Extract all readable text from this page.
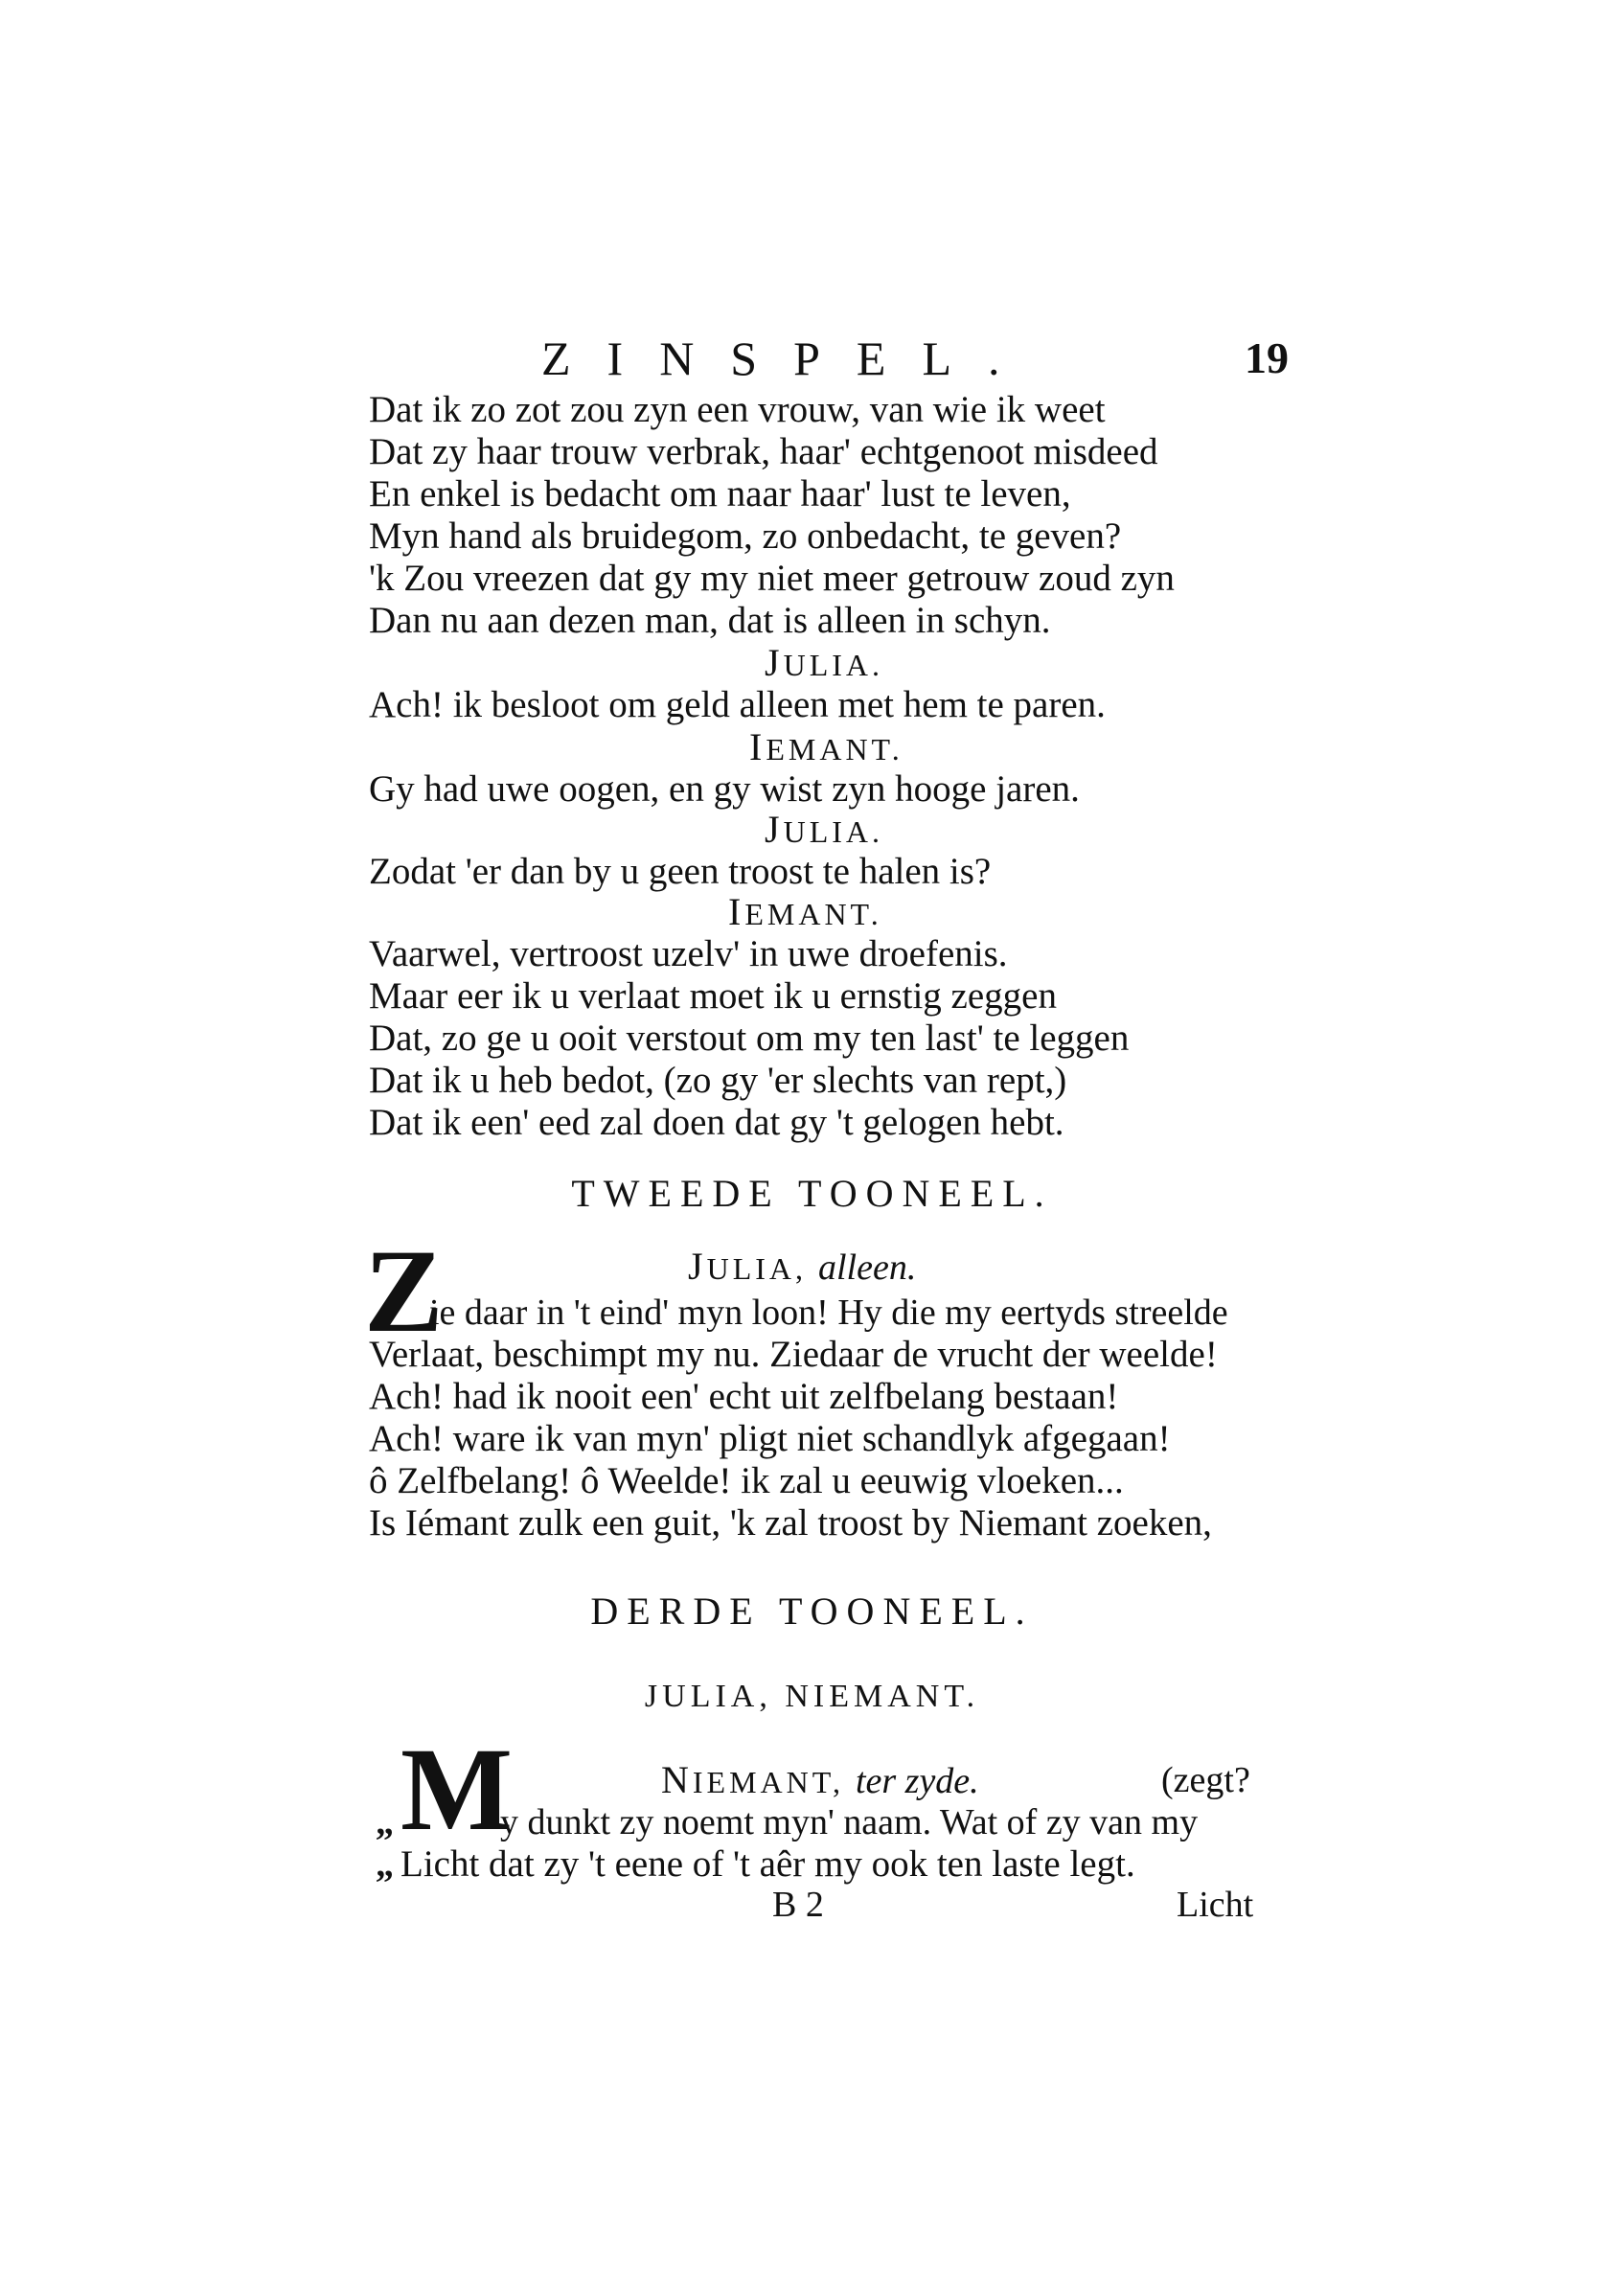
ZINSPEL.	19
Dat ik zo zot zou zyn een vrouw, van wie ik weet
Dat zy haar trouw verbrak, haar' echtgenoot misdeed
En enkel is bedacht om naar haar' lust te leven,
Myn hand als bruidegom, zo onbedacht, te geven?
'k Zou vreezen dat gy my niet meer getrouw zoud zyn
Dan nu aan dezen man, dat is alleen in schyn.
JULIA.
Ach! ik besloot om geld alleen met hem te paren.
IEMANT.
Gy had uwe oogen, en gy wist zyn hooge jaren.
JULIA.
Zodat 'er dan by u geen troost te halen is?
IEMANT.
Vaarwel, vertroost uzelv' in uwe droefenis.
Maar eer ik u verlaat moet ik u ernstig zeggen
Dat, zo ge u ooit verstout om my ten last' te leggen
Dat ik u heb bedot, (zo gy 'er slechts van rept,)
Dat ik een' eed zal doen dat gy 't gelogen hebt.
TWEEDE TOONEEL.
JULIA, alleen.
Z
ie daar in 't eind' myn loon! Hy die my eertyds streelde
Verlaat, beschimpt my nu. Ziedaar de vrucht der weelde!
Ach! had ik nooit een' echt uit zelfbelang bestaan!
Ach! ware ik van myn' pligt niet schandlyk afgegaan!
ô Zelfbelang! ô Weelde! ik zal u eeuwig vloeken...
Is Iémant zulk een guit, 'k zal troost by Niemant zoeken,
DERDE TOONEEL.
JULIA, NIEMANT.
M	NIEMANT, ter zyde.	(zegt?
„	y dunkt zy noemt myn' naam. Wat of zy van my
„ Licht dat zy 't eene of 't aêr my ook ten laste legt.
B 2	Licht
